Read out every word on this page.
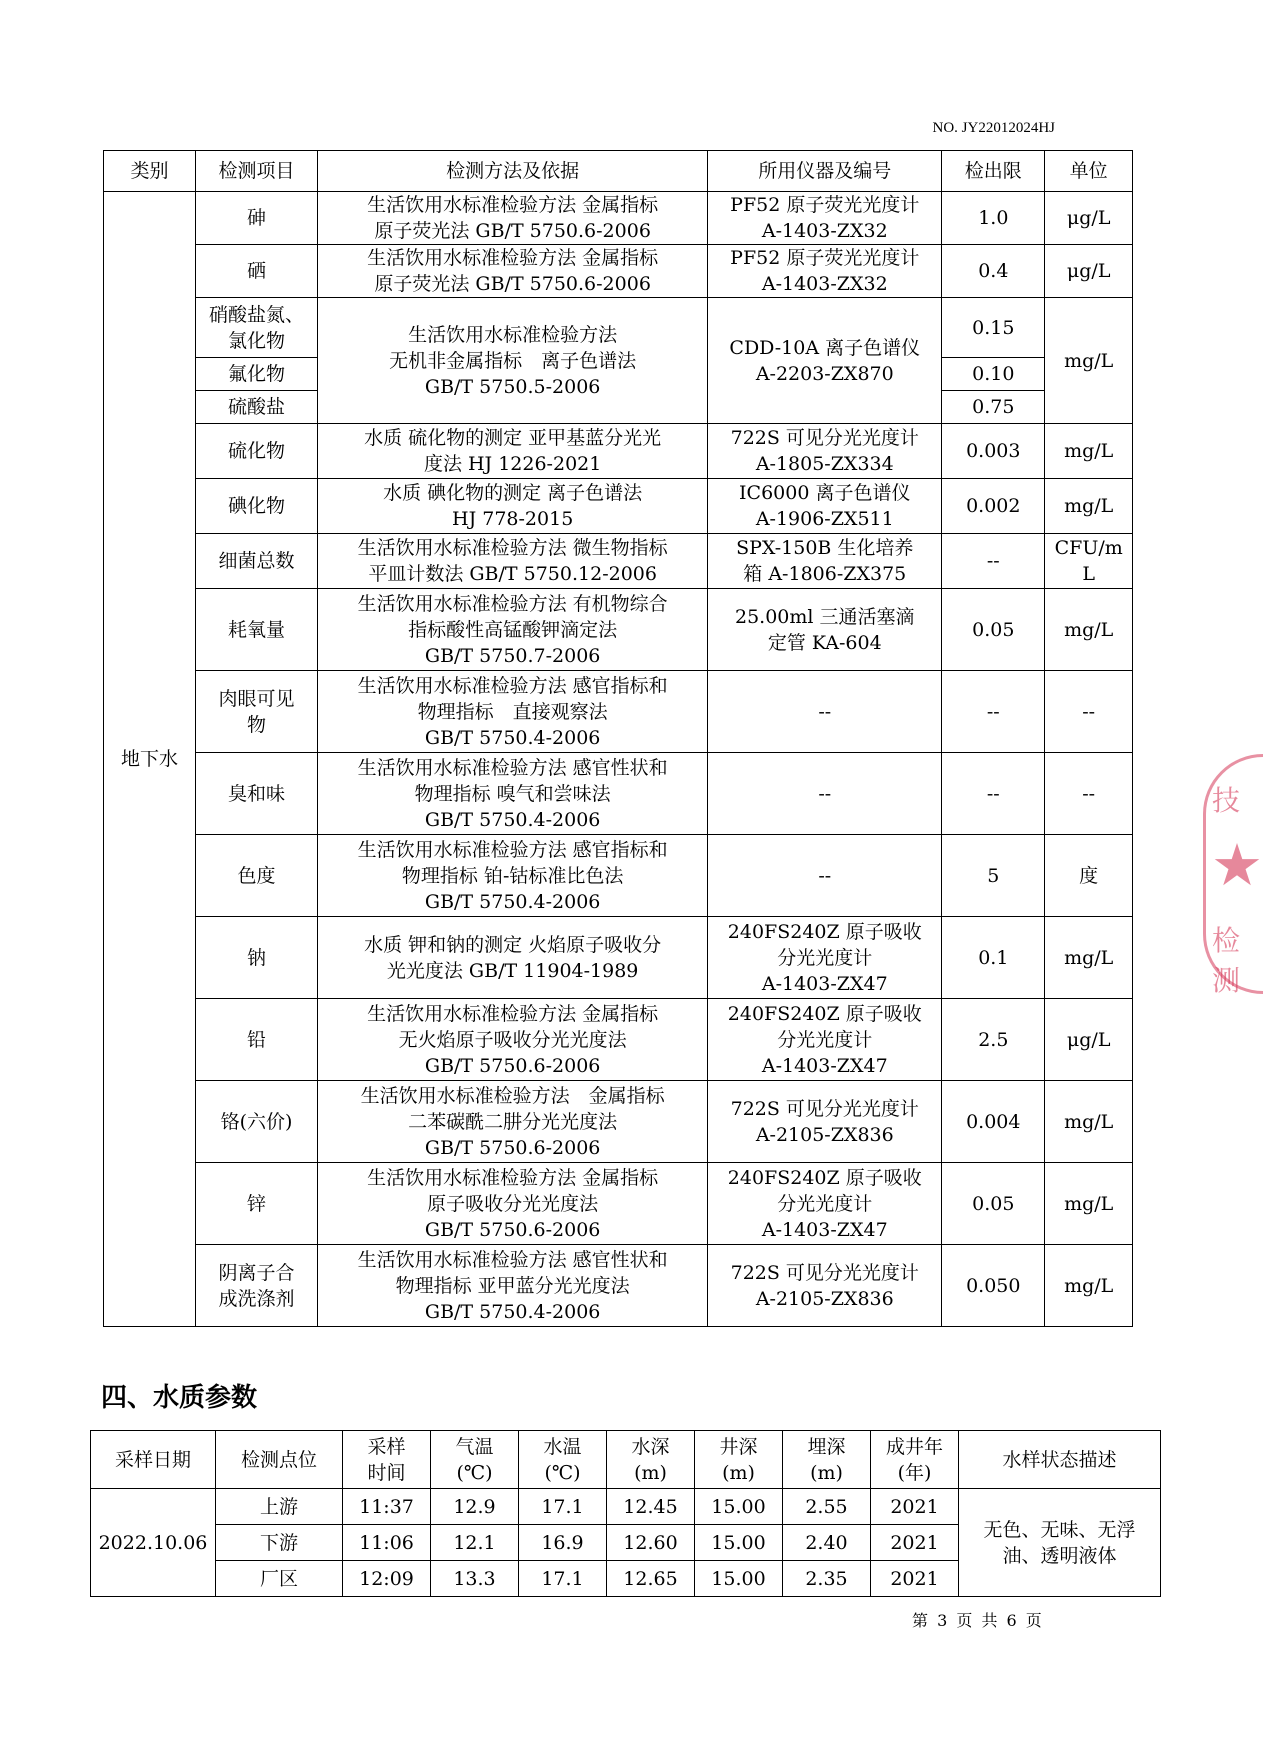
NO. JY22012024HJ
类别	检测项目	检测方法及依据	所用仪器及编号	检出限	单位
地下水	砷	生活饮用水标准检验方法 金属指标
原子荧光法 GB/T 5750.6-2006	PF52 原子荧光光度计
A-1403-ZX32	1.0	μg/L
	硒	生活饮用水标准检验方法 金属指标
原子荧光法 GB/T 5750.6-2006	PF52 原子荧光光度计
A-1403-ZX32	0.4	μg/L
	硝酸盐氮、
氯化物	生活饮用水标准检验方法
无机非金属指标　离子色谱法
GB/T 5750.5-2006	CDD-10A 离子色谱仪
A-2203-ZX870	0.15	mg/L
	氟化物			0.10	
	硫酸盐			0.75	
	硫化物	水质 硫化物的测定 亚甲基蓝分光光
度法 HJ 1226-2021	722S 可见分光光度计
A-1805-ZX334	0.003	mg/L
	碘化物	水质 碘化物的测定 离子色谱法
HJ 778-2015	IC6000 离子色谱仪
A-1906-ZX511	0.002	mg/L
	细菌总数	生活饮用水标准检验方法 微生物指标
平皿计数法 GB/T 5750.12-2006	SPX-150B 生化培养
箱 A-1806-ZX375	--	CFU/m
L
	耗氧量	生活饮用水标准检验方法 有机物综合
指标酸性高锰酸钾滴定法
GB/T 5750.7-2006	25.00ml 三通活塞滴
定管 KA-604	0.05	mg/L
	肉眼可见
物	生活饮用水标准检验方法 感官指标和
物理指标　直接观察法
GB/T 5750.4-2006	--	--	--
	臭和味	生活饮用水标准检验方法 感官性状和
物理指标 嗅气和尝味法
GB/T 5750.4-2006	--	--	--
	色度	生活饮用水标准检验方法 感官指标和
物理指标 铂-钴标准比色法
GB/T 5750.4-2006	--	5	度
	钠	水质 钾和钠的测定 火焰原子吸收分
光光度法 GB/T 11904-1989	240FS240Z 原子吸收
分光光度计
A-1403-ZX47	0.1	mg/L
	铅	生活饮用水标准检验方法 金属指标
无火焰原子吸收分光光度法
GB/T 5750.6-2006	240FS240Z 原子吸收
分光光度计
A-1403-ZX47	2.5	μg/L
	铬(六价)	生活饮用水标准检验方法　金属指标
二苯碳酰二肼分光光度法
GB/T 5750.6-2006	722S 可见分光光度计
A-2105-ZX836	0.004	mg/L
	锌	生活饮用水标准检验方法 金属指标
原子吸收分光光度法
GB/T 5750.6-2006	240FS240Z 原子吸收
分光光度计
A-1403-ZX47	0.05	mg/L
	阴离子合
成洗涤剂	生活饮用水标准检验方法 感官性状和
物理指标 亚甲蓝分光光度法
GB/T 5750.4-2006	722S 可见分光光度计
A-2105-ZX836	0.050	mg/L
四、水质参数
采样日期	检测点位	采样
时间	气温
(℃)	水温
(℃)	水深
(m)	井深
(m)	埋深
(m)	成井年
(年)	水样状态描述
2022.10.06	上游	11:37	12.9	17.1	12.45	15.00	2.55	2021	无色、无味、无浮
油、透明液体
	下游	11:06	12.1	16.9	12.60	15.00	2.40	2021	
	厂区	12:09	13.3	17.1	12.65	15.00	2.35	2021	
第 3 页 共 6 页
技
★
检测
